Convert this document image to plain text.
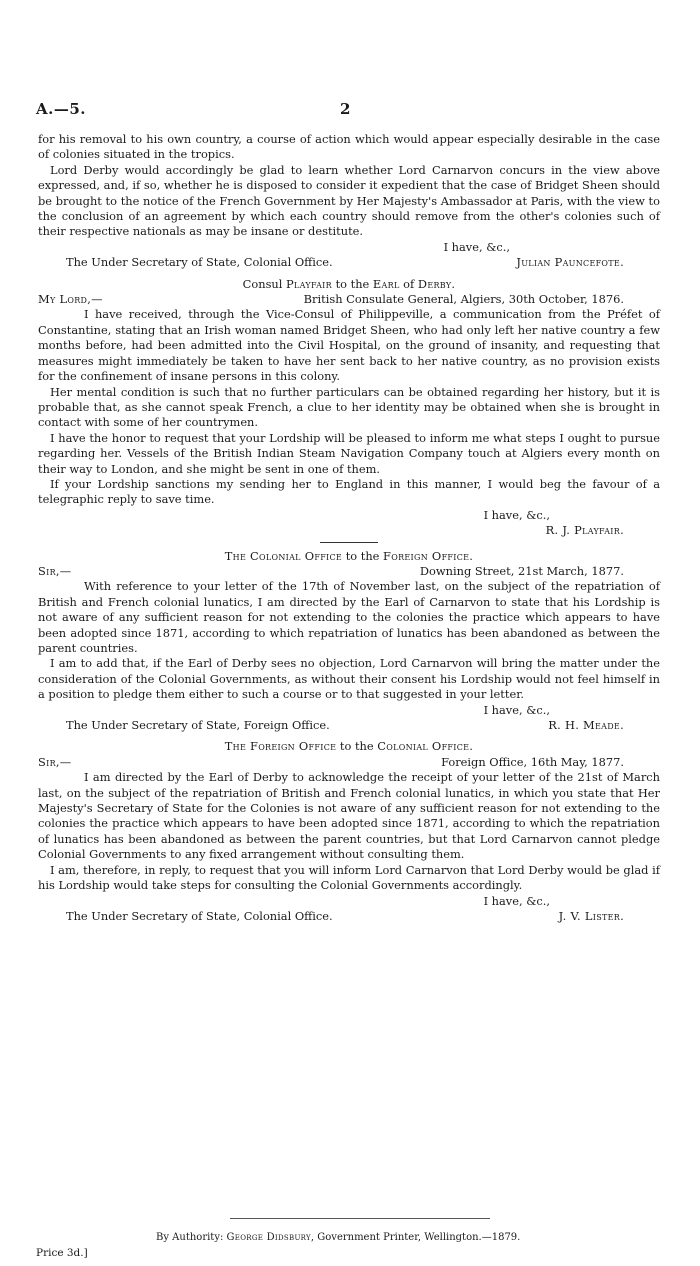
A.—5.	2

for his removal to his own country, a course of action which would appear especially desirable in the case of colonies situated in the tropics.

Lord Derby would accordingly be glad to learn whether Lord Carnarvon concurs in the view above expressed, and, if so, whether he is disposed to consider it expedient that the case of Bridget Sheen should be brought to the notice of the French Government by Her Majesty's Ambassador at Paris, with the view to the conclusion of an agreement by which each country should remove from the other's colonies such of their respective nationals as may be insane or destitute.

I have, &c.,
The Under Secretary of State, Colonial Office.	Julian Pauncefote.
Consul Playfair to the Earl of Derby.
My Lord,—	British Consulate General, Algiers, 30th October, 1876.

I have received, through the Vice-Consul of Philippeville, a communication from the Préfet of Constantine, stating that an Irish woman named Bridget Sheen, who had only left her native country a few months before, had been admitted into the Civil Hospital, on the ground of insanity, and requesting that measures might immediately be taken to have her sent back to her native country, as no provision exists for the confinement of insane persons in this colony.

Her mental condition is such that no further particulars can be obtained regarding her history, but it is probable that, as she cannot speak French, a clue to her identity may be obtained when she is brought in contact with some of her countrymen.

I have the honor to request that your Lordship will be pleased to inform me what steps I ought to pursue regarding her. Vessels of the British Indian Steam Navigation Company touch at Algiers every month on their way to London, and she might be sent in one of them.

If your Lordship sanctions my sending her to England in this manner, I would beg the favour of a telegraphic reply to save time.

I have, &c.,
R. J. Playfair.
The Colonial Office to the Foreign Office.
Sir,—	Downing Street, 21st March, 1877.

With reference to your letter of the 17th of November last, on the subject of the repatriation of British and French colonial lunatics, I am directed by the Earl of Carnarvon to state that his Lordship is not aware of any sufficient reason for not extending to the colonies the practice which appears to have been adopted since 1871, according to which repatriation of lunatics has been abandoned as between the parent countries.

I am to add that, if the Earl of Derby sees no objection, Lord Carnarvon will bring the matter under the consideration of the Colonial Governments, as without their consent his Lordship would not feel himself in a position to pledge them either to such a course or to that suggested in your letter.

I have, &c.,
The Under Secretary of State, Foreign Office.	R. H. Meade.
The Foreign Office to the Colonial Office.
Sir,—	Foreign Office, 16th May, 1877.

I am directed by the Earl of Derby to acknowledge the receipt of your letter of the 21st of March last, on the subject of the repatriation of British and French colonial lunatics, in which you state that Her Majesty's Secretary of State for the Colonies is not aware of any sufficient reason for not extending to the colonies the practice which appears to have been adopted since 1871, according to which the repatriation of lunatics has been abandoned as between the parent countries, but that Lord Carnarvon cannot pledge Colonial Governments to any fixed arrangement without consulting them.

I am, therefore, in reply, to request that you will inform Lord Carnarvon that Lord Derby would be glad if his Lordship would take steps for consulting the Colonial Governments accordingly.

I have, &c.,
The Under Secretary of State, Colonial Office.	J. V. Lister.
By Authority: George Didsbury, Government Printer, Wellington.—1879.
Price 3d.]
